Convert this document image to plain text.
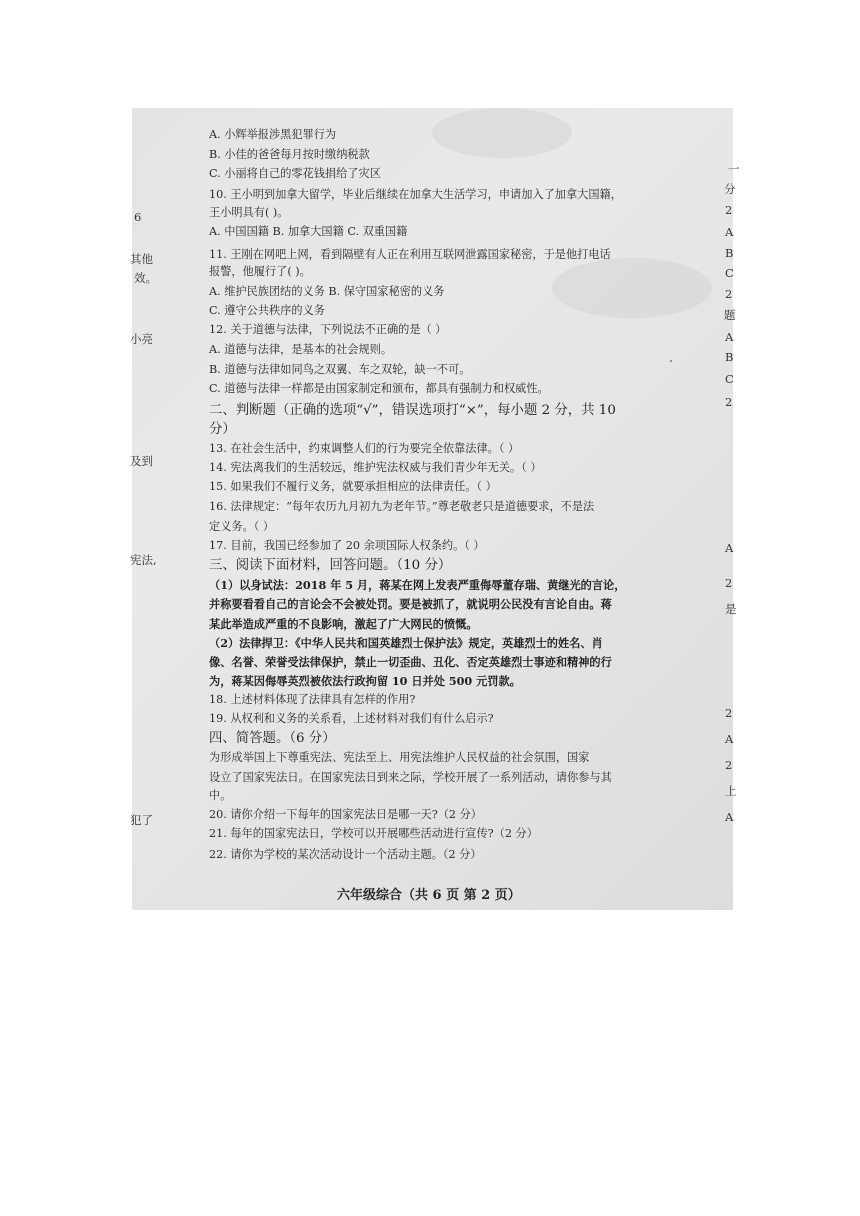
A. 小辉举报涉黑犯罪行为
B. 小佳的爸爸每月按时缴纳税款
C. 小丽将自己的零花钱捐给了灾区
10. 王小明到加拿大留学，毕业后继续在加拿大生活学习，申请加入了加拿大国籍，
王小明具有( )。
A. 中国国籍 B. 加拿大国籍 C. 双重国籍
11. 王刚在网吧上网，看到隔壁有人正在利用互联网泄露国家秘密，于是他打电话
报警，他履行了( )。
A. 维护民族团结的义务 B. 保守国家秘密的义务
C. 遵守公共秩序的义务
12. 关于道德与法律，下列说法不正确的是（ ）
A. 道德与法律，是基本的社会规则。
B. 道德与法律如同鸟之双翼、车之双轮，缺一不可。
C. 道德与法律一样都是由国家制定和颁布，都具有强制力和权威性。
二、判断题（正确的选项“√”，错误选项打“×”，每小题 2 分，共 10
分）
13. 在社会生活中，约束调整人们的行为要完全依靠法律。（ ）
14. 宪法离我们的生活较远，维护宪法权威与我们青少年无关。（ ）
15. 如果我们不履行义务，就要承担相应的法律责任。（ ）
16. 法律规定：“每年农历九月初九为老年节。”尊老敬老只是道德要求，不是法
定义务。（ ）
17. 目前，我国已经参加了 20 余项国际人权条约。（ ）
三、阅读下面材料，回答问题。（10 分）
（1）以身试法：2018 年 5 月，蒋某在网上发表严重侮辱董存瑞、黄继光的言论，
并称要看看自己的言论会不会被处罚。要是被抓了，就说明公民没有言论自由。蒋
某此举造成严重的不良影响，激起了广大网民的愤慨。
（2）法律捍卫：《中华人民共和国英雄烈士保护法》规定，英雄烈士的姓名、肖
像、名誉、荣誉受法律保护，禁止一切歪曲、丑化、否定英雄烈士事迹和精神的行
为，蒋某因侮辱英烈被依法行政拘留 10 日并处 500 元罚款。
18. 上述材料体现了法律具有怎样的作用?
19. 从权利和义务的关系看，上述材料对我们有什么启示?
四、简答题。（6 分）
为形成举国上下尊重宪法、宪法至上、用宪法维护人民权益的社会氛围，国家
设立了国家宪法日。在国家宪法日到来之际，学校开展了一系列活动，请你参与其
中。
20. 请你介绍一下每年的国家宪法日是哪一天?（2 分）
21. 每年的国家宪法日，学校可以开展哪些活动进行宣传?（2 分）
22. 请你为学校的某次活动设计一个活动主题。（2 分）
六年级综合（共 6 页 第 2 页）
6
其他
效。
小亮
及到
宪法,
犯了
一
分
2
A
B
C
2
题
A
B
C
2
A
2
是
2
A
2
上
A
